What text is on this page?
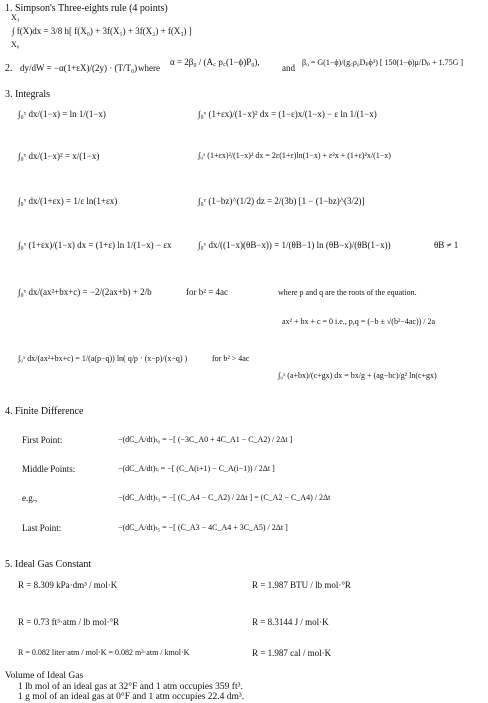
1. Simpson's Three-eights rule (4 points)
X₃
∫ f(X)dx = 3/8 h[ f(X₀) + 3f(X₁) + 3f(X₂) + f(X₃) ]
X₀
2. dy/dW = −α(1+εX)/(2y) · (T/T₀) where
α = 2β₀ / (A꜀ ρ꜀(1−ϕ)P₀),
and
β₀ = G(1−ϕ)/(g꜀ρ₀Dₚϕ³) [ 150(1−ϕ)μ/Dₚ + 1.75G ]
3. Integrals
∫₀ˣ dx/(1−x) = ln 1/(1−x)	∫₀ˣ (1+εx)/(1−x)² dx = (1−ε)x/(1−x) − ε ln 1/(1−x)
∫₀ˣ dx/(1−x)² = x/(1−x)	∫₀ˣ (1+εx)²/(1−x)² dx = 2ε(1+ε)ln(1−x) + ε²x + (1+ε)²x/(1−x)
∫₀ˣ dx/(1+εx) = 1/ε ln(1+εx)	∫₀ᶻ (1−bz)^(1/2) dz = 2/(3b) [1 − (1−bz)^(3/2)]
∫₀ˣ (1+εx)/(1−x) dx = (1+ε) ln 1/(1−x) − εx	∫₀ˣ dx/((1−x)(θB−x)) = 1/(θB−1) ln (θB−x)/(θB(1−x))	θB ≠ 1
∫₀ˣ dx/(ax²+bx+c) = −2/(2ax+b) + 2/b	for b² = 4ac	where p and q are the roots of the equation.
ax² + bx + c = 0 i.e., p,q = (−b ± √(b²−4ac)) / 2a
∫₀ˣ dx/(ax²+bx+c) = 1/(a(p−q)) ln( q/p · (x−p)/(x−q) )	for b² > 4ac
∫₀ˣ (a+bx)/(c+gx) dx = bx/g + (ag−bc)/g² ln(c+gx)
4. Finite Difference
First Point:	−(dC_A/dt)ₜ₀ = −[ (−3C_A0 + 4C_A1 − C_A2) / 2Δt ]
Middle Points:	−(dC_A/dt)ₜᵢ = −[ (C_A(i+1) − C_A(i−1)) / 2Δt ]
e.g.,	−(dC_A/dt)ₜ₃ = −[ (C_A4 − C_A2) / 2Δt ] = (C_A2 − C_A4) / 2Δt
Last Point:	−(dC_A/dt)ₜ₅ = −[ (C_A3 − 4C_A4 + 3C_A5) / 2Δt ]
5. Ideal Gas Constant
R = 8.309 kPa·dm³ / mol·K	R = 1.987 BTU / lb mol·°R
R = 0.73 ft³·atm / lb mol·°R	R = 8.3144 J / mol·K
R = 0.082 liter·atm / mol·K = 0.082 m³·atm / kmol·K	R = 1.987 cal / mol·K
Volume of Ideal Gas
1 lb mol of an ideal gas at 32°F and 1 atm occupies 359 ft³.
1 g mol of an ideal gas at 0°F and 1 atm occupies 22.4 dm³.
